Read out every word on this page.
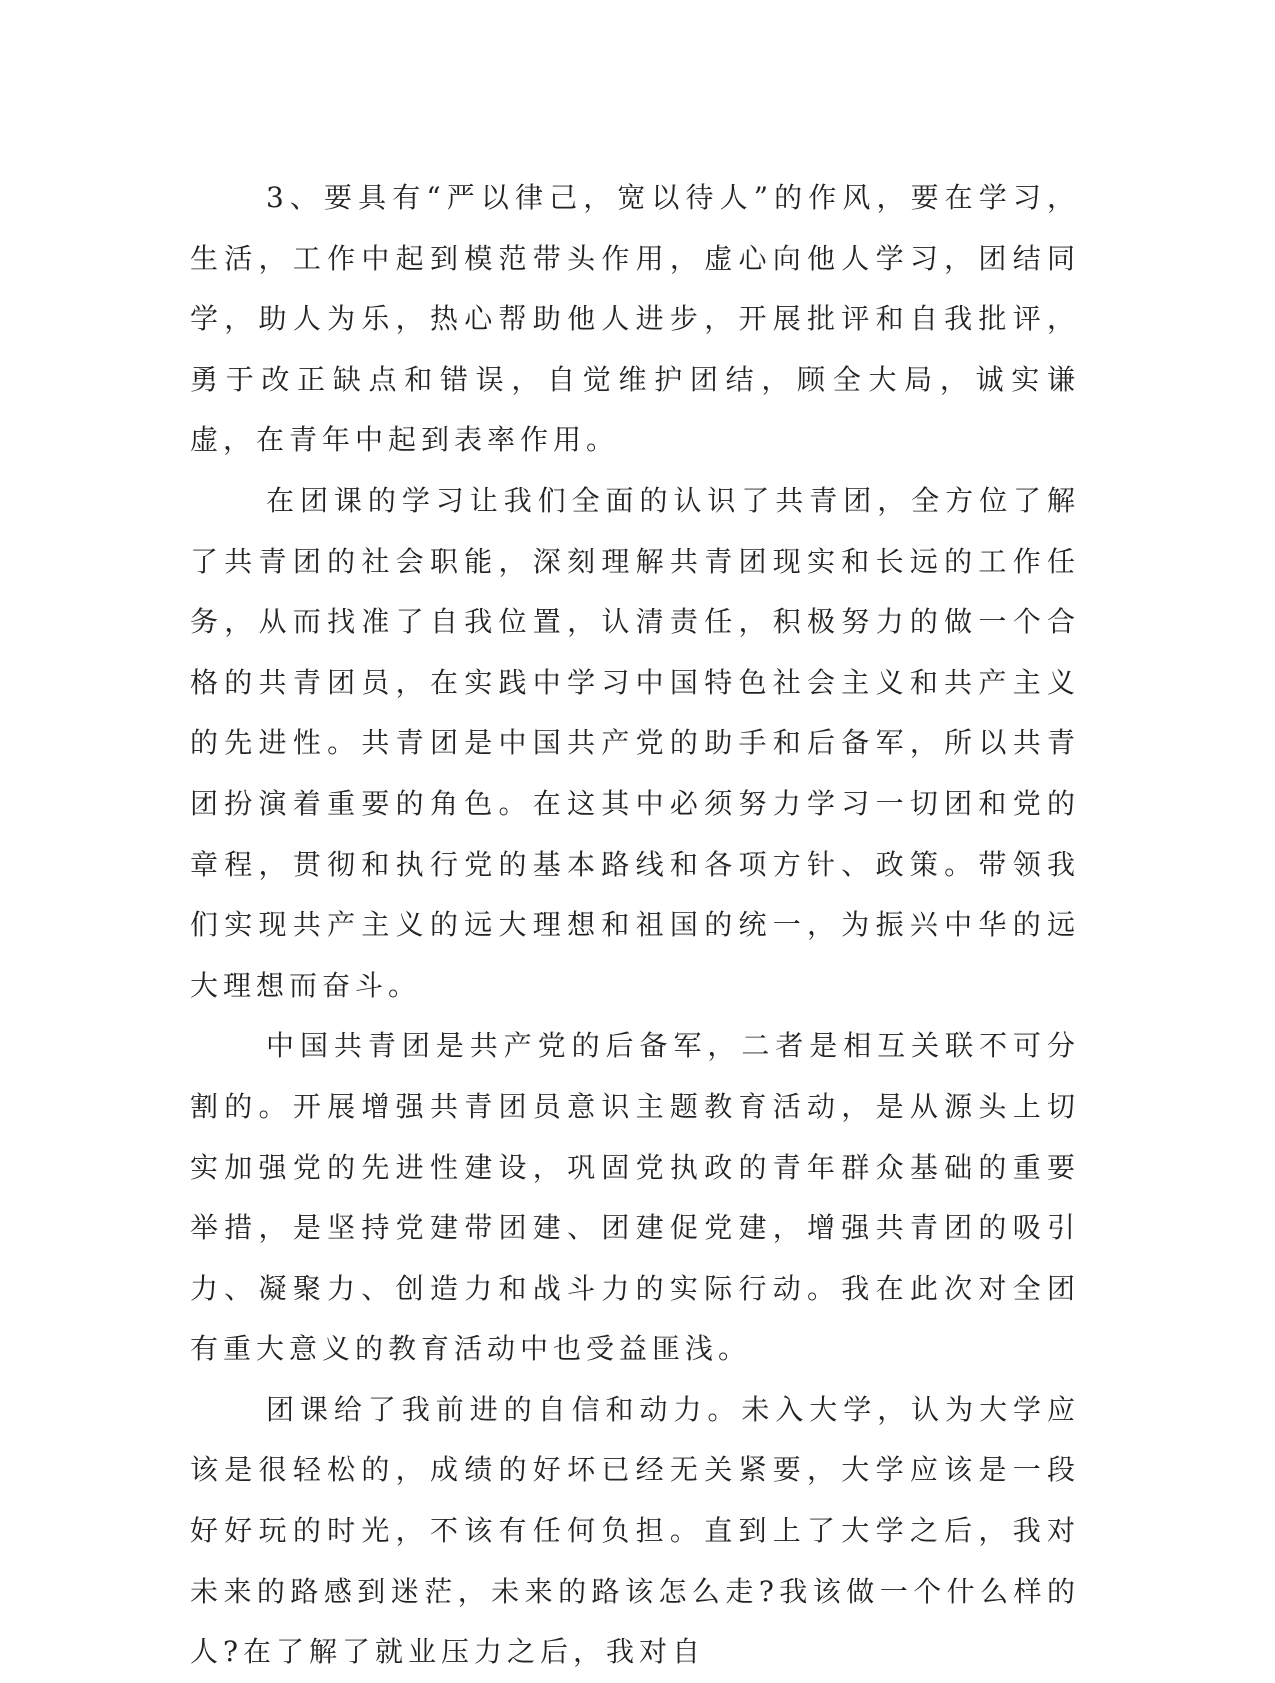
3、要具有“严以律己，宽以待人”的作风，要在学习，生活，工作中起到模范带头作用，虚心向他人学习，团结同学，助人为乐，热心帮助他人进步，开展批评和自我批评，勇于改正缺点和错误，自觉维护团结，顾全大局，诚实谦虚，在青年中起到表率作用。

在团课的学习让我们全面的认识了共青团，全方位了解了共青团的社会职能，深刻理解共青团现实和长远的工作任务，从而找准了自我位置，认清责任，积极努力的做一个合格的共青团员，在实践中学习中国特色社会主义和共产主义的先进性。共青团是中国共产党的助手和后备军，所以共青团扮演着重要的角色。在这其中必须努力学习一切团和党的章程，贯彻和执行党的基本路线和各项方针、政策。带领我们实现共产主义的远大理想和祖国的统一，为振兴中华的远大理想而奋斗。

中国共青团是共产党的后备军，二者是相互关联不可分割的。开展增强共青团员意识主题教育活动，是从源头上切实加强党的先进性建设，巩固党执政的青年群众基础的重要举措，是坚持党建带团建、团建促党建，增强共青团的吸引力、凝聚力、创造力和战斗力的实际行动。我在此次对全团有重大意义的教育活动中也受益匪浅。

团课给了我前进的自信和动力。未入大学，认为大学应该是很轻松的，成绩的好坏已经无关紧要，大学应该是一段好好玩的时光，不该有任何负担。直到上了大学之后，我对未来的路感到迷茫，未来的路该怎么走?我该做一个什么样的人?在了解了就业压力之后，我对自
